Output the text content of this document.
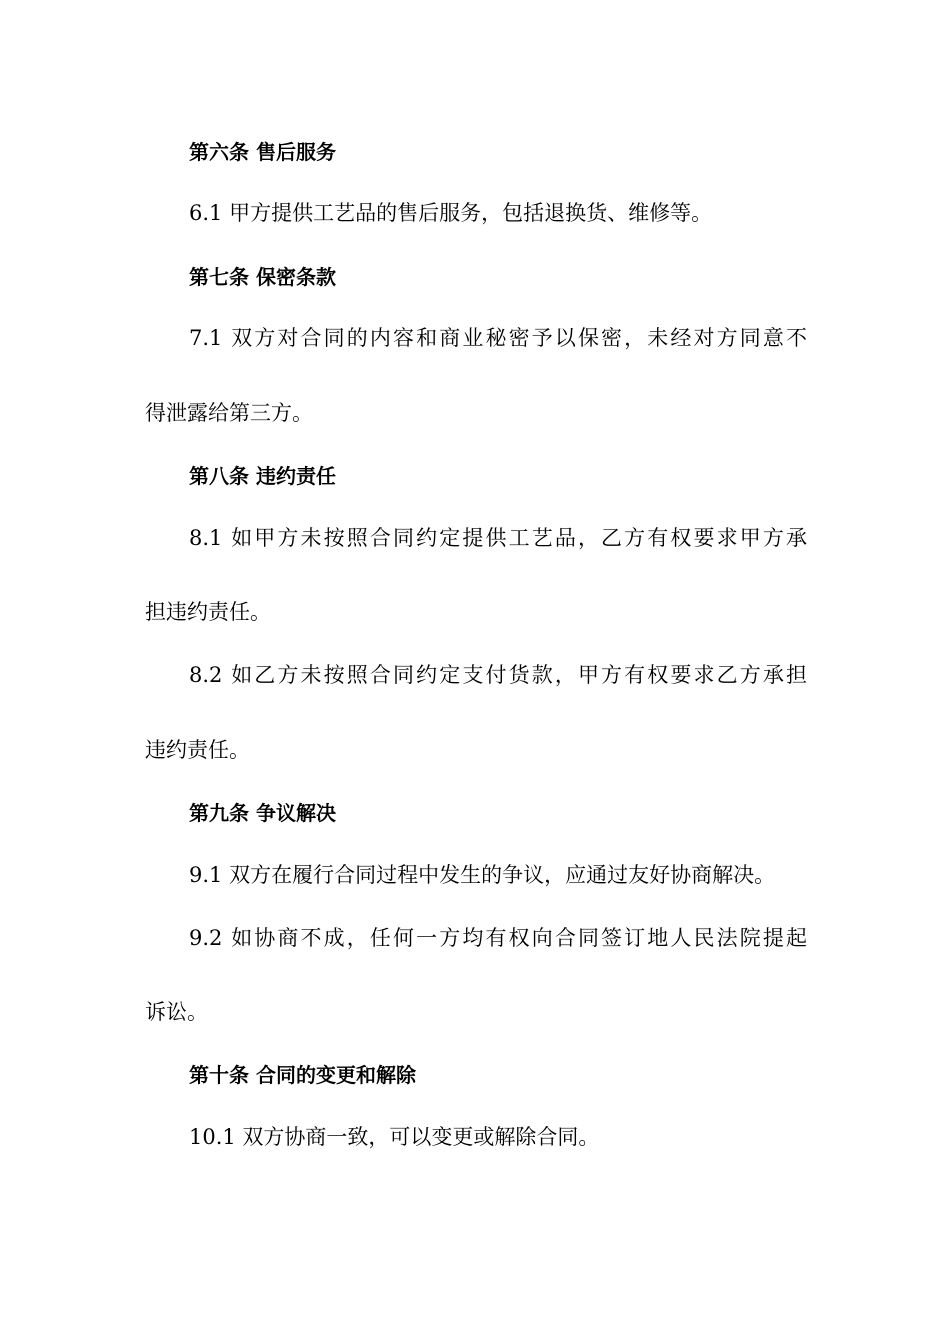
第六条 售后服务
6.1 甲方提供工艺品的售后服务，包括退换货、维修等。
第七条 保密条款
7.1 双方对合同的内容和商业秘密予以保密，未经对方同意不
得泄露给第三方。
第八条 违约责任
8.1 如甲方未按照合同约定提供工艺品，乙方有权要求甲方承
担违约责任。
8.2 如乙方未按照合同约定支付货款，甲方有权要求乙方承担
违约责任。
第九条 争议解决
9.1 双方在履行合同过程中发生的争议，应通过友好协商解决。
9.2 如协商不成，任何一方均有权向合同签订地人民法院提起
诉讼。
第十条 合同的变更和解除
10.1 双方协商一致，可以变更或解除合同。
